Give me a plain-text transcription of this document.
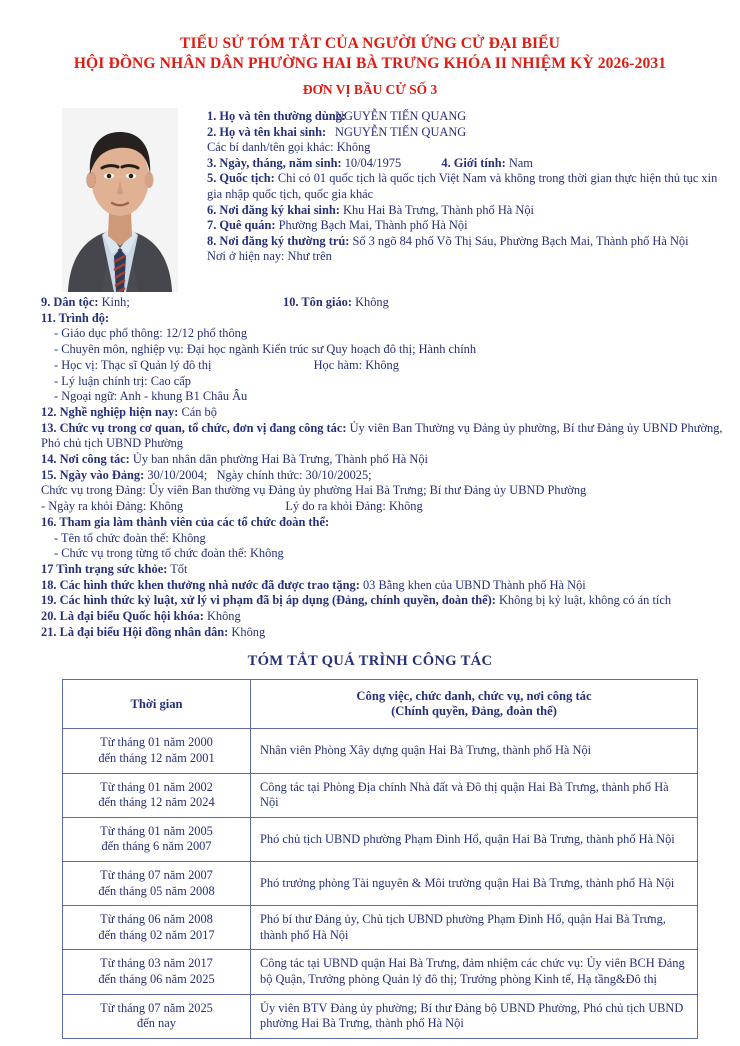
TIỂU SỬ TÓM TẮT CỦA NGƯỜI ỨNG CỬ ĐẠI BIỂU
HỘI ĐỒNG NHÂN DÂN PHƯỜNG HAI BÀ TRƯNG KHÓA II NHIỆM KỲ 2026-2031
ĐƠN VỊ BẦU CỬ SỐ 3
1. Họ và tên thường dùng:
NGUYỄN TIẾN QUANG
2. Họ và tên khai sinh: NGUYỄN TIẾN QUANG
Các bí danh/tên gọi khác: Không
3. Ngày, tháng, năm sinh: 10/04/1975	4. Giới tính: Nam
5. Quốc tịch: Chỉ có 01 quốc tịch là quốc tịch Việt Nam và không trong thời gian thực hiện thủ tục xin gia nhập quốc tịch, quốc gia khác
6. Nơi đăng ký khai sinh: Khu Hai Bà Trưng, Thành phố Hà Nội
7. Quê quán: Phường Bạch Mai, Thành phố Hà Nội
8. Nơi đăng ký thường trú: Số 3 ngõ 84 phố Võ Thị Sáu, Phường Bạch Mai, Thành phố Hà Nội
Nơi ở hiện nay: Như trên
9. Dân tộc: Kinh;	10. Tôn giáo: Không
11. Trình độ:
- Giáo dục phổ thông: 12/12 phổ thông
- Chuyên môn, nghiệp vụ: Đại học ngành Kiến trúc sư Quy hoạch đô thị; Hành chính
- Học vị: Thạc sĩ Quản lý đô thị	Học hàm: Không
- Lý luận chính trị: Cao cấp
- Ngoại ngữ: Anh - khung B1 Châu Âu
12. Nghề nghiệp hiện nay: Cán bộ
13. Chức vụ trong cơ quan, tổ chức, đơn vị đang công tác: Ủy viên Ban Thường vụ Đảng ủy phường, Bí thư Đảng ủy UBND Phường, Phó chủ tịch UBND Phường
14. Nơi công tác: Ủy ban nhân dân phường Hai Bà Trưng, Thành phố Hà Nội
15. Ngày vào Đảng: 30/10/2004; Ngày chính thức: 30/10/20025;
Chức vụ trong Đảng: Ủy viên Ban thường vụ Đảng ủy phường Hai Bà Trưng; Bí thư Đảng ủy UBND Phường
- Ngày ra khỏi Đảng: Không	Lý do ra khỏi Đảng: Không
16. Tham gia làm thành viên của các tổ chức đoàn thể:
- Tên tổ chức đoàn thể: Không
- Chức vụ trong từng tổ chức đoàn thể: Không
17 Tình trạng sức khỏe: Tốt
18. Các hình thức khen thưởng nhà nước đã được trao tặng: 03 Bằng khen của UBND Thành phố Hà Nội
19. Các hình thức kỷ luật, xử lý vi phạm đã bị áp dụng (Đảng, chính quyền, đoàn thể): Không bị kỷ luật, không có án tích
20. Là đại biểu Quốc hội khóa: Không
21. Là đại biểu Hội đồng nhân dân: Không
TÓM TẮT QUÁ TRÌNH CÔNG TÁC
Thời gian	Công việc, chức danh, chức vụ, nơi công tác
(Chính quyền, Đảng, đoàn thể)

Từ tháng 01 năm 2000
đến tháng 12 năm 2001	Nhân viên Phòng Xây dựng quận Hai Bà Trưng, thành phố Hà Nội

Từ tháng 01 năm 2002
đến tháng 12 năm 2024	Công tác tại Phòng Địa chính Nhà đất và Đô thị quận Hai Bà Trưng, thành phố Hà Nội

Từ tháng 01 năm 2005
đến tháng 6 năm 2007	Phó chủ tịch UBND phường Phạm Đình Hổ, quận Hai Bà Trưng, thành phố Hà Nội

Từ tháng 07 năm 2007
đến tháng 05 năm 2008	Phó trưởng phòng Tài nguyên & Môi trường quận Hai Bà Trưng, thành phố Hà Nội

Từ tháng 06 năm 2008
đến tháng 02 năm 2017	Phó bí thư Đảng ủy, Chủ tịch UBND phường Phạm Đình Hổ, quận Hai Bà Trưng, thành phố Hà Nội

Từ tháng 03 năm 2017
đến tháng 06 năm 2025	Công tác tại UBND quận Hai Bà Trưng, đảm nhiệm các chức vụ: Ủy viên BCH Đảng bộ Quận, Trưởng phòng Quản lý đô thị; Trưởng phòng Kinh tế, Hạ tầng&Đô thị

Từ tháng 07 năm 2025
đến nay	Ủy viên BTV Đảng ủy phường; Bí thư Đảng bộ UBND Phường, Phó chủ tịch UBND phường Hai Bà Trưng, thành phố Hà Nội
